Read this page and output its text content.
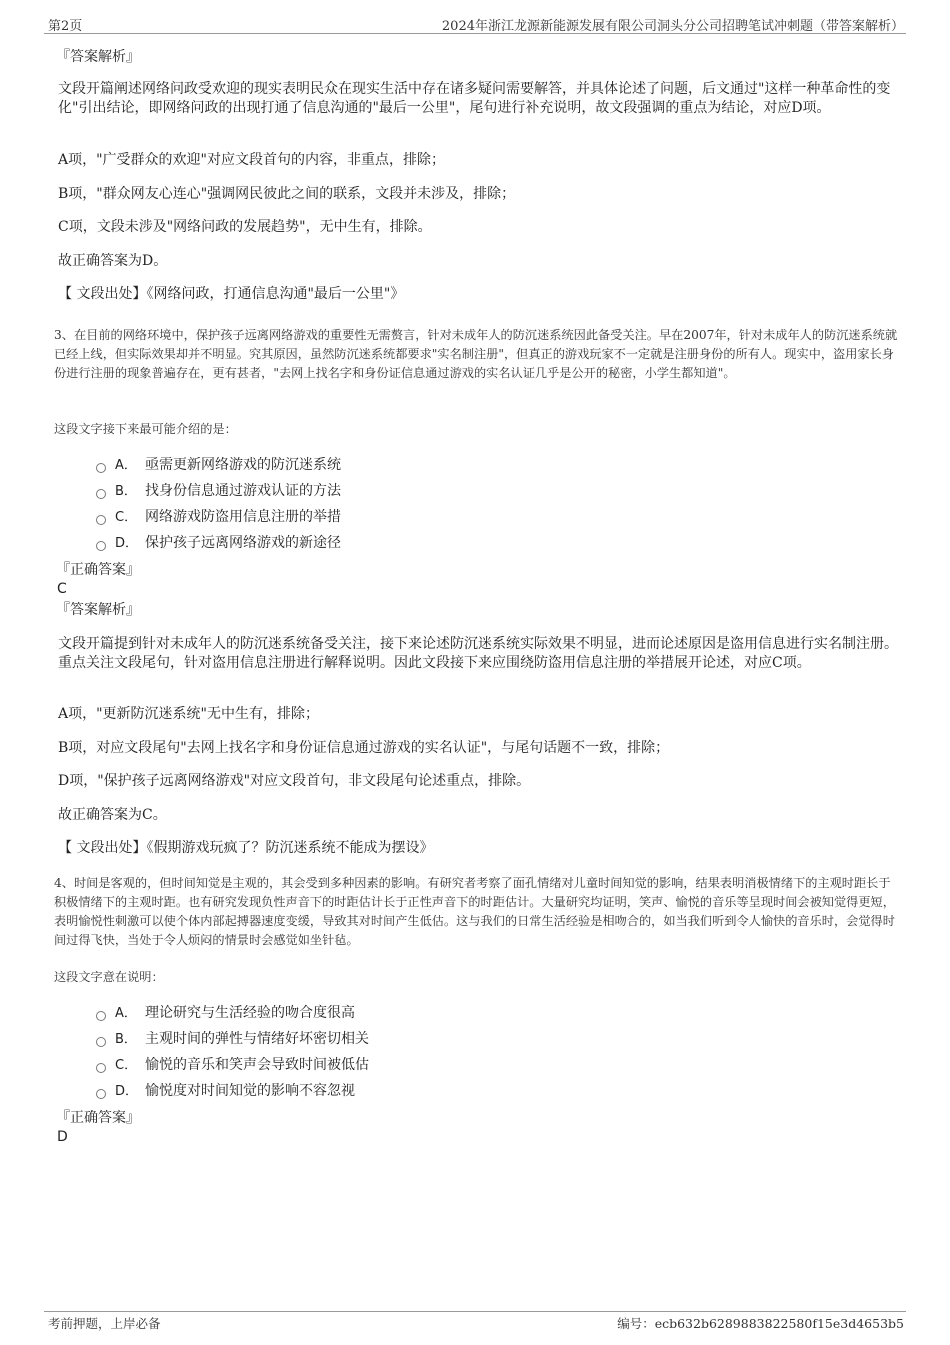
第2页	2024年浙江龙源新能源发展有限公司洞头分公司招聘笔试冲刺题（带答案解析）
『答案解析』

文段开篇阐述网络问政受欢迎的现实表明民众在现实生活中存在诸多疑问需要解答，并具体论述了问题，后文通过"这样一种革命性的变化"引出结论，即网络问政的出现打通了信息沟通的"最后一公里"，尾句进行补充说明，故文段强调的重点为结论，对应D项。

A项，"广受群众的欢迎"对应文段首句的内容，非重点，排除；

B项，"群众网友心连心"强调网民彼此之间的联系，文段并未涉及，排除；

C项，文段未涉及"网络问政的发展趋势"，无中生有，排除。

故正确答案为D。

【 文段出处】《网络问政，打通信息沟通"最后一公里"》

3、在目前的网络环境中，保护孩子远离网络游戏的重要性无需赘言，针对未成年人的防沉迷系统因此备受关注。早在2007年，针对未成年人的防沉迷系统就已经上线，但实际效果却并不明显。究其原因，虽然防沉迷系统都要求"实名制注册"，但真正的游戏玩家不一定就是注册身份的所有人。现实中，盗用家长身份进行注册的现象普遍存在，更有甚者，"去网上找名字和身份证信息通过游戏的实名认证几乎是公开的秘密，小学生都知道"。

这段文字接下来最可能介绍的是：

A． 亟需更新网络游戏的防沉迷系统
B． 找身份信息通过游戏认证的方法
C． 网络游戏防盗用信息注册的举措
D． 保护孩子远离网络游戏的新途径
『正确答案』
C
『答案解析』

文段开篇提到针对未成年人的防沉迷系统备受关注，接下来论述防沉迷系统实际效果不明显，进而论述原因是盗用信息进行实名制注册。重点关注文段尾句，针对盗用信息注册进行解释说明。因此文段接下来应围绕防盗用信息注册的举措展开论述，对应C项。

A项，"更新防沉迷系统"无中生有，排除；

B项，对应文段尾句"去网上找名字和身份证信息通过游戏的实名认证"，与尾句话题不一致，排除；

D项，"保护孩子远离网络游戏"对应文段首句，非文段尾句论述重点，排除。

故正确答案为C。

【 文段出处】《假期游戏玩疯了？防沉迷系统不能成为摆设》

4、时间是客观的，但时间知觉是主观的，其会受到多种因素的影响。有研究者考察了面孔情绪对儿童时间知觉的影响，结果表明消极情绪下的主观时距长于积极情绪下的主观时距。也有研究发现负性声音下的时距估计长于正性声音下的时距估计。大量研究均证明，笑声、愉悦的音乐等呈现时间会被知觉得更短，表明愉悦性刺激可以使个体内部起搏器速度变缓，导致其对时间产生低估。这与我们的日常生活经验是相吻合的，如当我们听到令人愉快的音乐时，会觉得时间过得飞快，当处于令人烦闷的情景时会感觉如坐针毡。

这段文字意在说明：

A． 理论研究与生活经验的吻合度很高
B． 主观时间的弹性与情绪好坏密切相关
C． 愉悦的音乐和笑声会导致时间被低估
D． 愉悦度对时间知觉的影响不容忽视
『正确答案』
D
考前押题，上岸必备	编号：ecb632b6289883822580f15e3d4653b5
